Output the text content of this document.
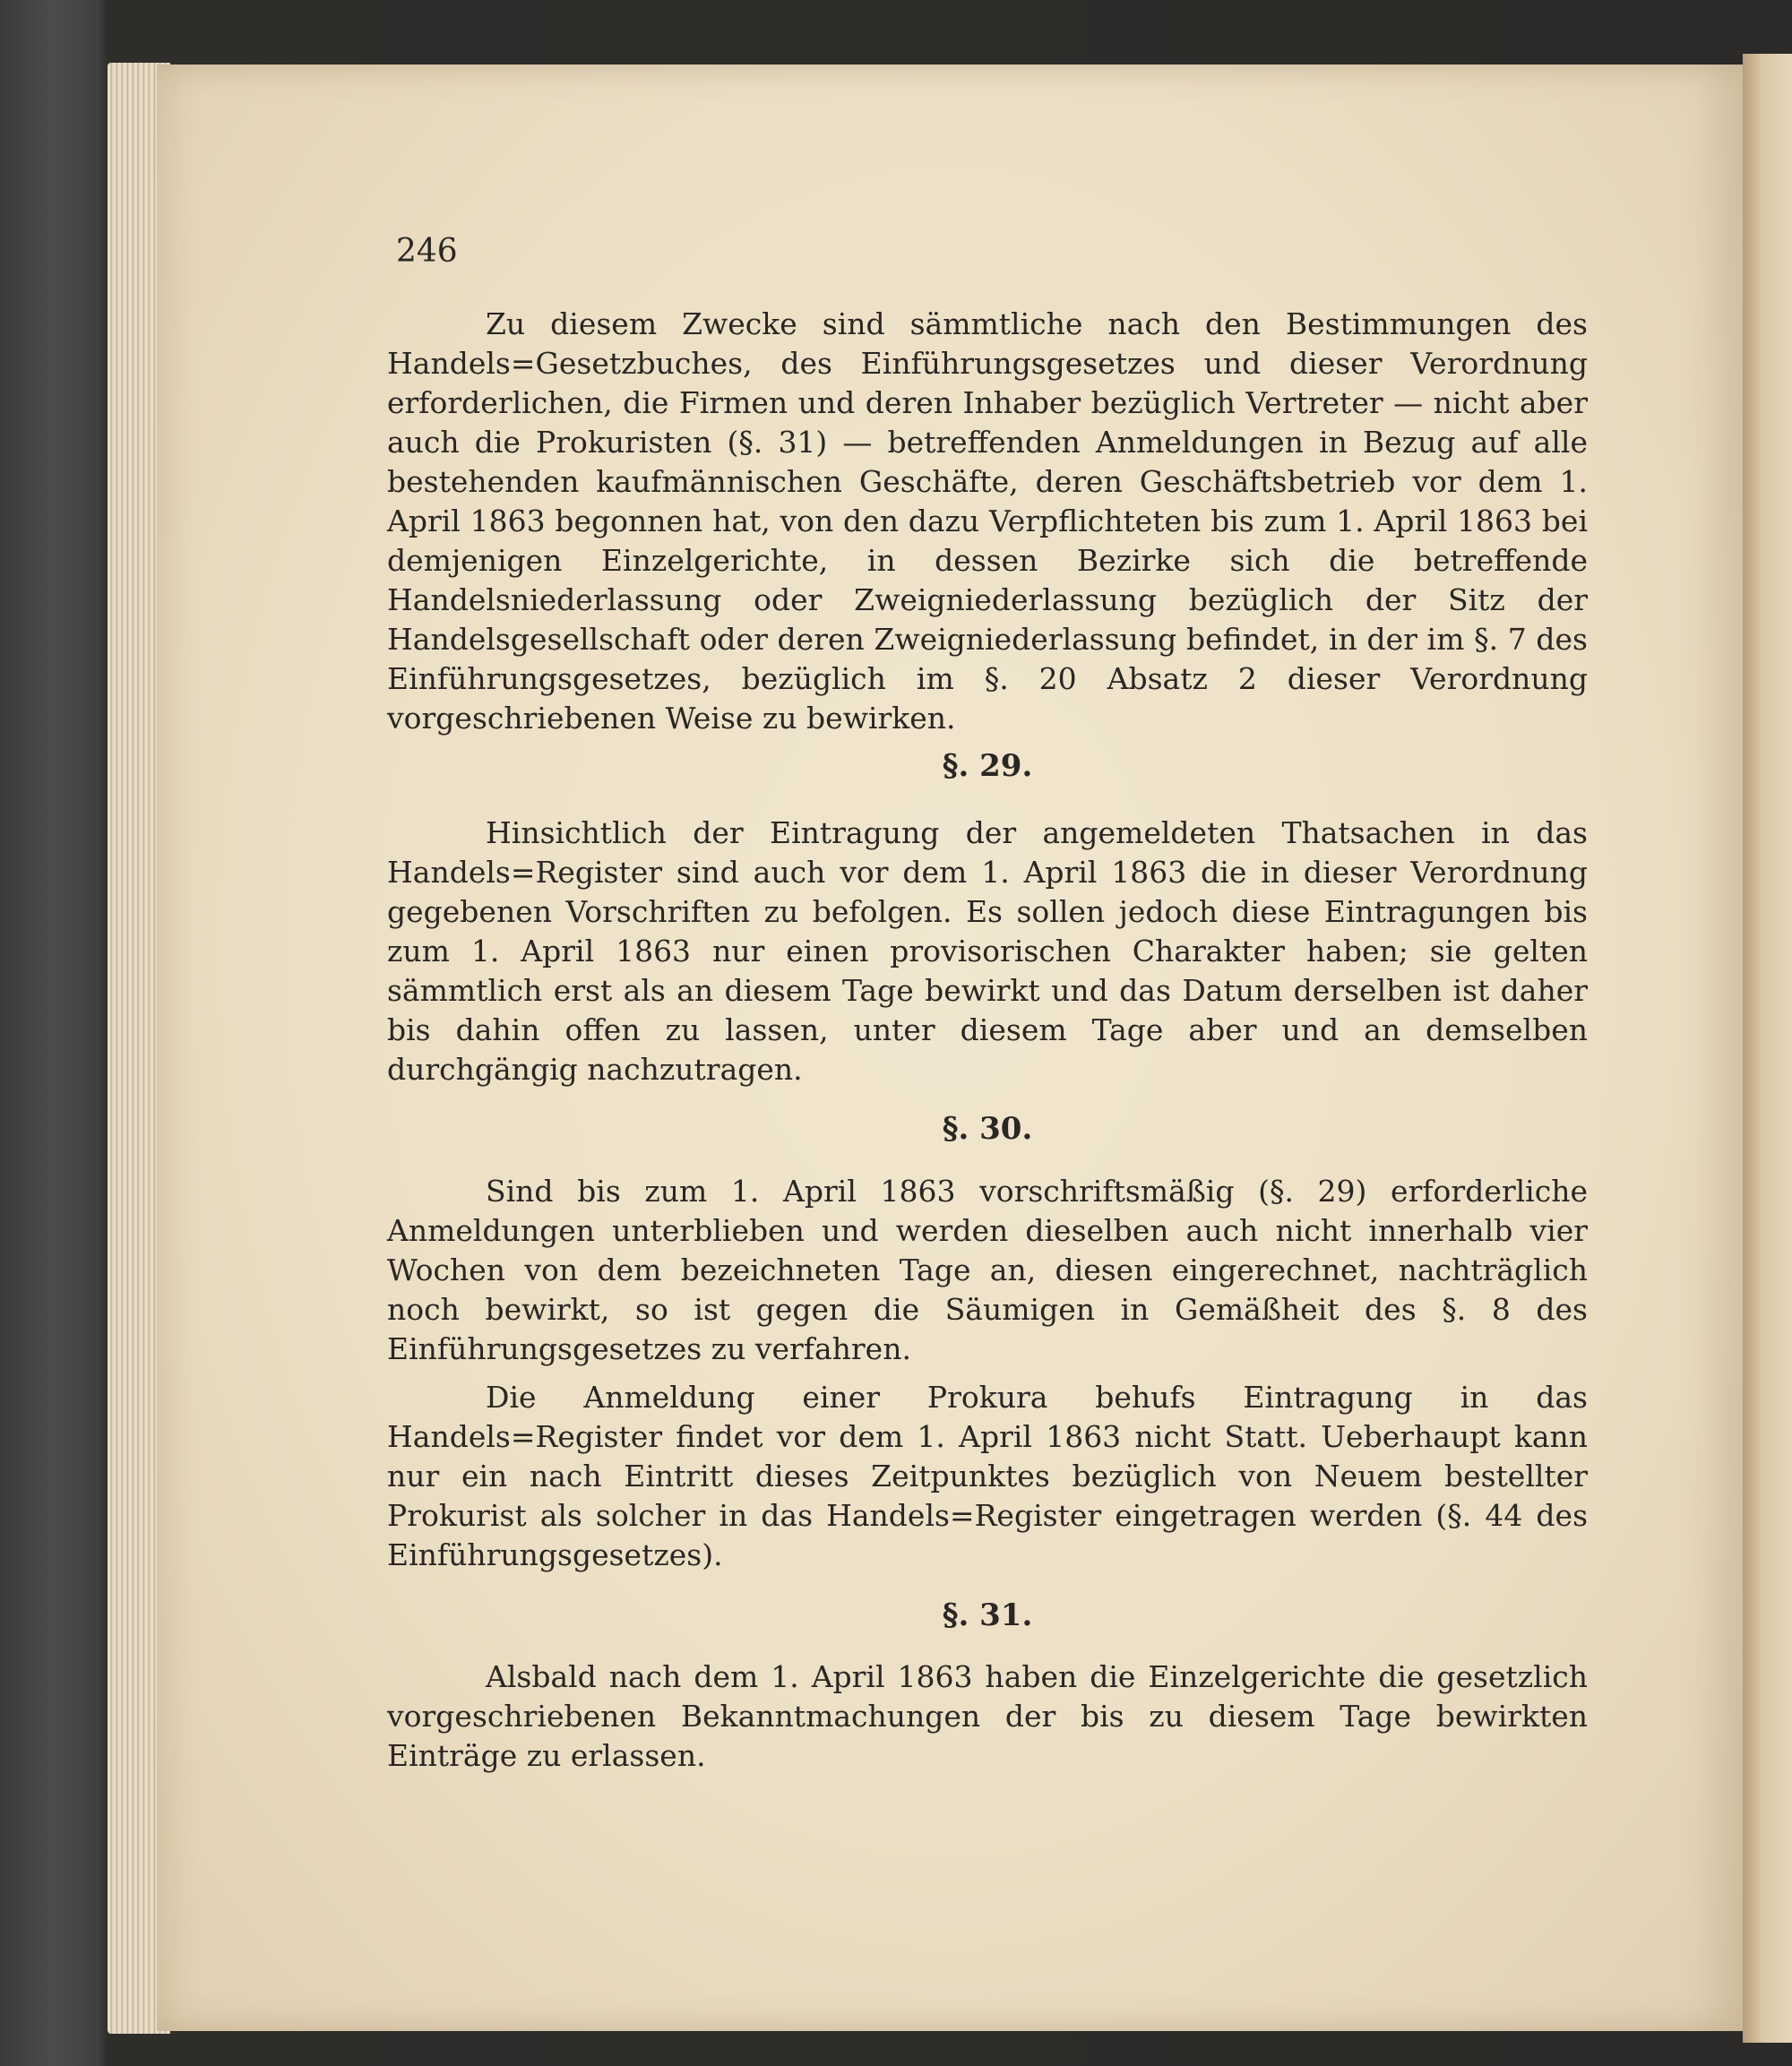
246

Zu diesem Zwecke sind sämmtliche nach den Bestimmungen des Handels=Gesetzbuches, des Einführungsgesetzes und dieser Verordnung erforderlichen, die Firmen und deren Inhaber bezüglich Vertreter — nicht aber auch die Prokuristen (§. 31) — betreffenden Anmeldungen in Bezug auf alle bestehenden kaufmännischen Geschäfte, deren Geschäftsbetrieb vor dem 1. April 1863 begonnen hat, von den dazu Verpflichteten bis zum 1. April 1863 bei demjenigen Einzelgerichte, in dessen Bezirke sich die betreffende Handelsniederlassung oder Zweigniederlassung bezüglich der Sitz der Handelsgesellschaft oder deren Zweigniederlassung befindet, in der im §. 7 des Einführungsgesetzes, bezüglich im §. 20 Absatz 2 dieser Verordnung vorgeschriebenen Weise zu bewirken.

§. 29.

Hinsichtlich der Eintragung der angemeldeten Thatsachen in das Handels=Register sind auch vor dem 1. April 1863 die in dieser Verordnung gegebenen Vorschriften zu befolgen. Es sollen jedoch diese Eintragungen bis zum 1. April 1863 nur einen provisorischen Charakter haben; sie gelten sämmtlich erst als an diesem Tage bewirkt und das Datum derselben ist daher bis dahin offen zu lassen, unter diesem Tage aber und an demselben durchgängig nachzutragen.

§. 30.

Sind bis zum 1. April 1863 vorschriftsmäßig (§. 29) erforderliche Anmeldungen unterblieben und werden dieselben auch nicht innerhalb vier Wochen von dem bezeichneten Tage an, diesen eingerechnet, nachträglich noch bewirkt, so ist gegen die Säumigen in Gemäßheit des §. 8 des Einführungsgesetzes zu verfahren.

Die Anmeldung einer Prokura behufs Eintragung in das Handels=Register findet vor dem 1. April 1863 nicht Statt. Ueberhaupt kann nur ein nach Eintritt dieses Zeitpunktes bezüglich von Neuem bestellter Prokurist als solcher in das Handels=Register eingetragen werden (§. 44 des Einführungsgesetzes).

§. 31.

Alsbald nach dem 1. April 1863 haben die Einzelgerichte die gesetzlich vorgeschriebenen Bekanntmachungen der bis zu diesem Tage bewirkten Einträge zu erlassen.
